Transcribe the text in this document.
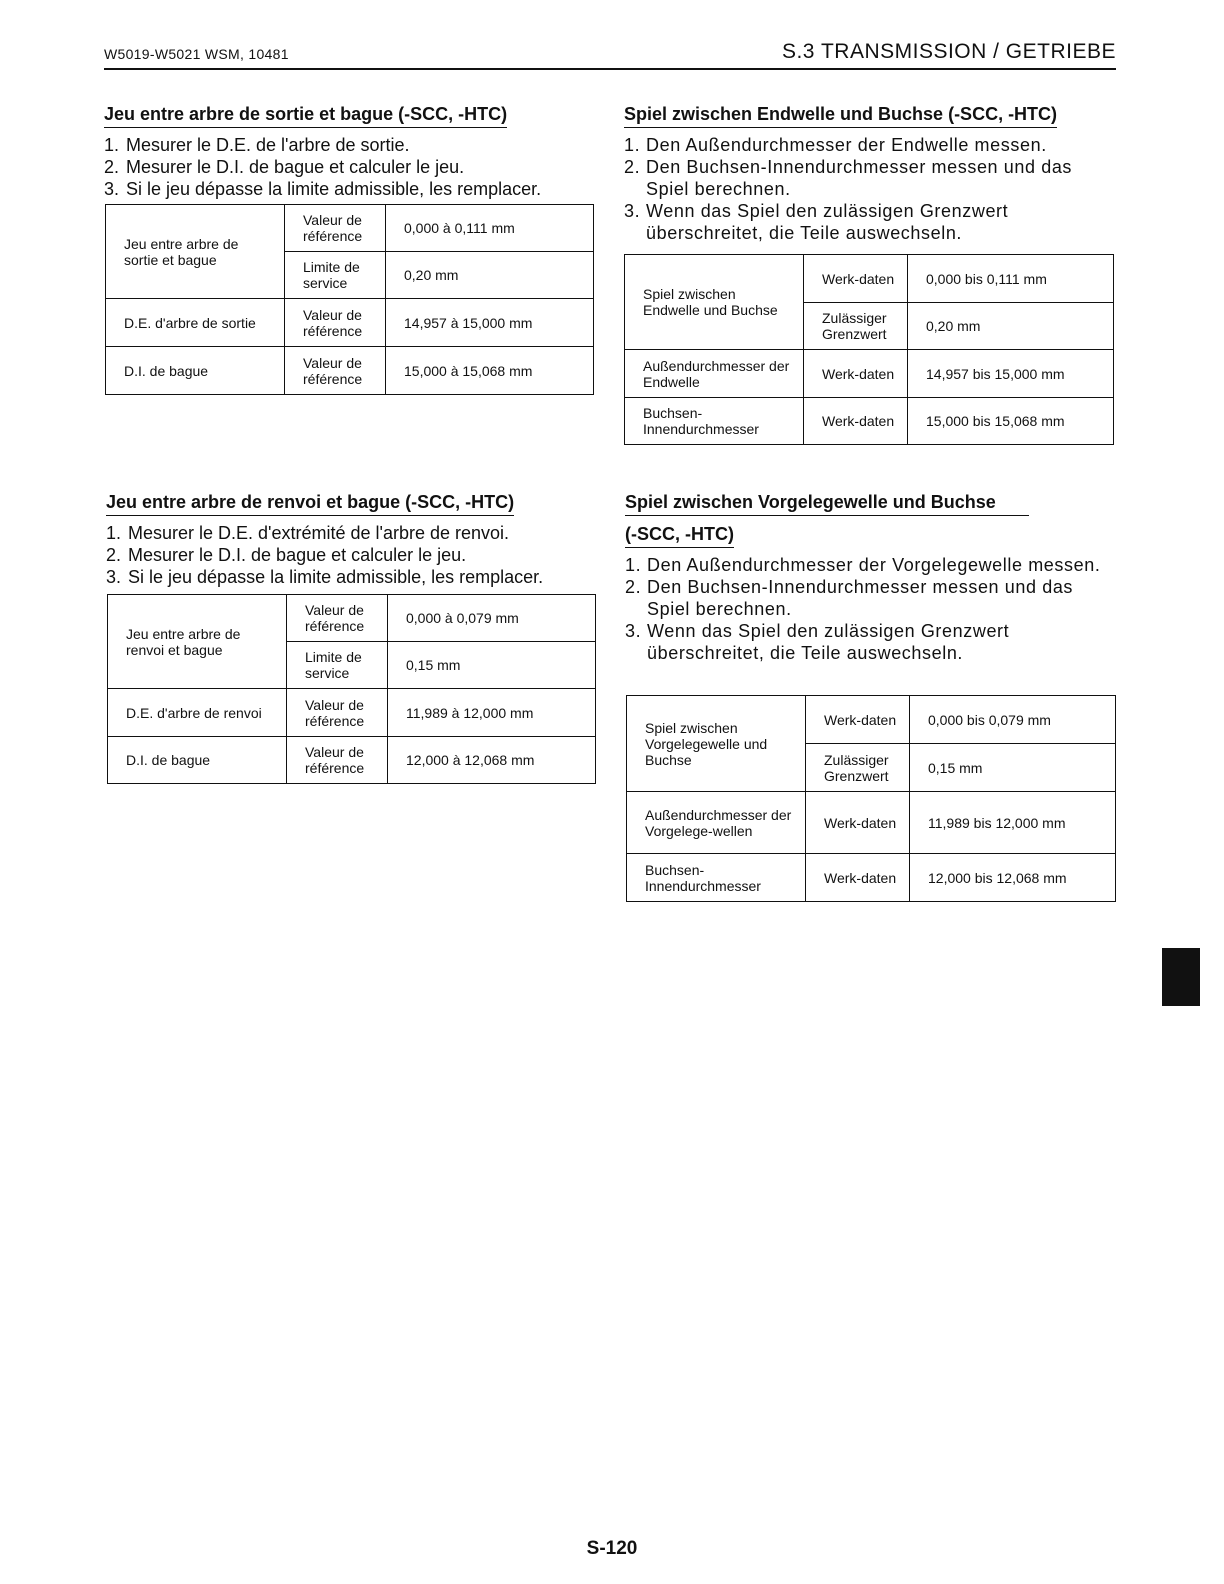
W5019-W5021 WSM, 10481	S.3 TRANSMISSION / GETRIEBE
Jeu entre arbre de sortie et bague (-SCC, -HTC)
1. Mesurer le D.E. de l'arbre de sortie.
2. Mesurer le D.I. de bague et calculer le jeu.
3. Si le jeu dépasse la limite admissible, les remplacer.
Jeu entre arbre de sortie et bague	Valeur de référence	0,000 à 0,111 mm
	Limite de service	0,20 mm
D.E. d'arbre de sortie	Valeur de référence	14,957 à 15,000 mm
D.I. de bague	Valeur de référence	15,000 à 15,068 mm
Spiel zwischen Endwelle und Buchse (-SCC, -HTC)
1. Den Außendurchmesser der Endwelle messen.
2. Den Buchsen-Innendurchmesser messen und das Spiel berechnen.
3. Wenn das Spiel den zulässigen Grenzwert überschreitet, die Teile auswechseln.
Spiel zwischen Endwelle und Buchse	Werk-daten	0,000 bis 0,111 mm
	Zulässiger Grenzwert	0,20 mm
Außendurchmesser der Endwelle	Werk-daten	14,957 bis 15,000 mm
Buchsen-Innendurchmesser	Werk-daten	15,000 bis 15,068 mm
Jeu entre arbre de renvoi et bague (-SCC, -HTC)
1. Mesurer le D.E. d'extrémité de l'arbre de renvoi.
2. Mesurer le D.I. de bague et calculer le jeu.
3. Si le jeu dépasse la limite admissible, les remplacer.
Jeu entre arbre de renvoi et bague	Valeur de référence	0,000 à 0,079 mm
	Limite de service	0,15 mm
D.E. d'arbre de renvoi	Valeur de référence	11,989 à 12,000 mm
D.I. de bague	Valeur de référence	12,000 à 12,068 mm
Spiel zwischen Vorgelegewelle und Buchse
(-SCC, -HTC)
1. Den Außendurchmesser der Vorgelegewelle messen.
2. Den Buchsen-Innendurchmesser messen und das Spiel berechnen.
3. Wenn das Spiel den zulässigen Grenzwert überschreitet, die Teile auswechseln.
Spiel zwischen Vorgelegewelle und Buchse	Werk-daten	0,000 bis 0,079 mm
	Zulässiger Grenzwert	0,15 mm
Außendurchmesser der Vorgelege-wellen	Werk-daten	11,989 bis 12,000 mm
Buchsen-Innendurchmesser	Werk-daten	12,000 bis 12,068 mm
S-120
